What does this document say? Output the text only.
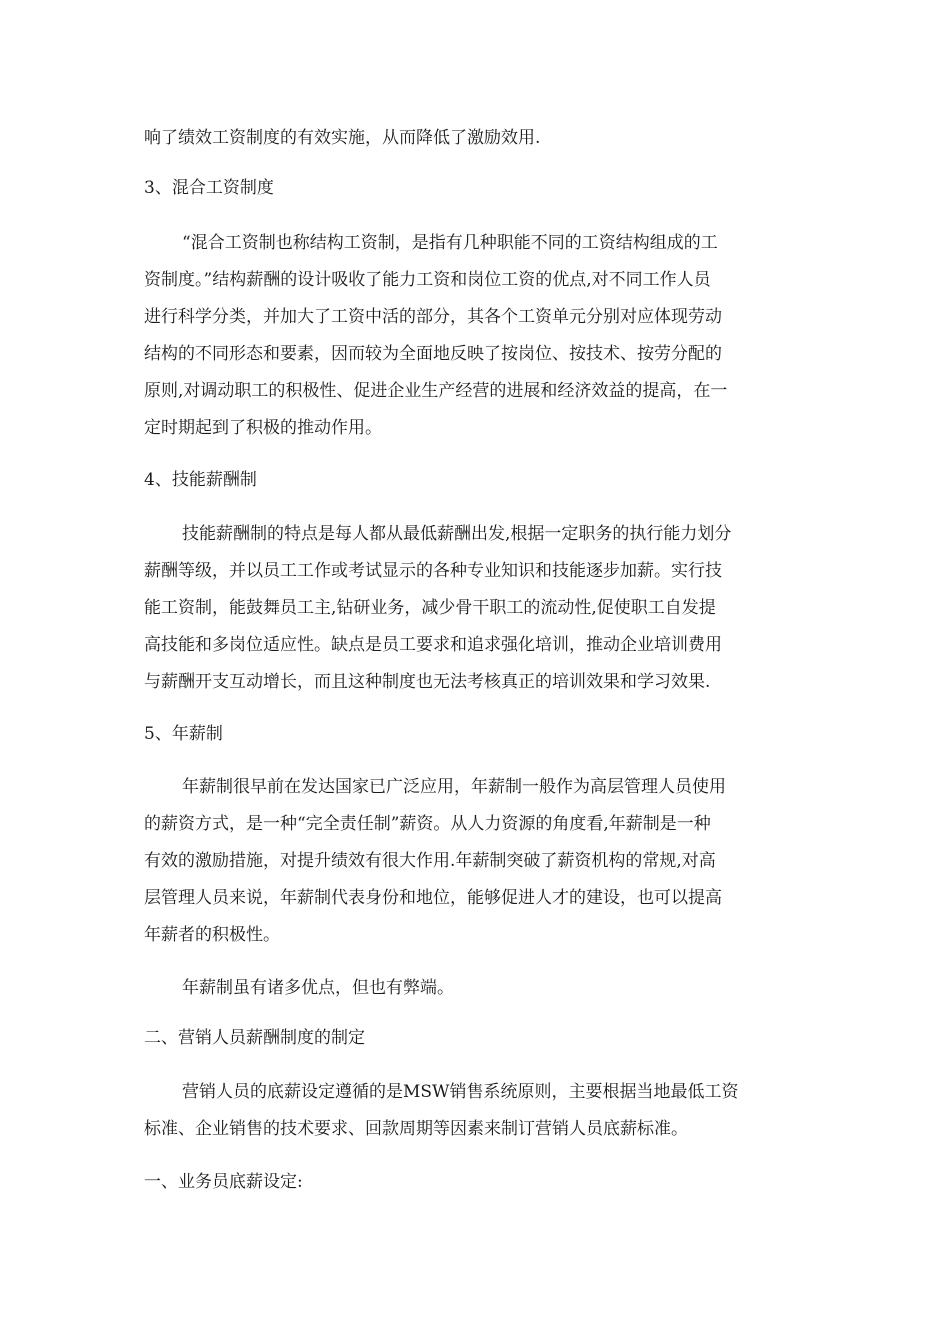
响了绩效工资制度的有效实施，从而降低了激励效用.
3、混合工资制度
“混合工资制也称结构工资制，是指有几种职能不同的工资结构组成的工
资制度。”结构薪酬的设计吸收了能力工资和岗位工资的优点,对不同工作人员
进行科学分类，并加大了工资中活的部分，其各个工资单元分别对应体现劳动
结构的不同形态和要素，因而较为全面地反映了按岗位、按技术、按劳分配的
原则,对调动职工的积极性、促进企业生产经营的进展和经济效益的提高，在一
定时期起到了积极的推动作用。
4、技能薪酬制
技能薪酬制的特点是每人都从最低薪酬出发,根据一定职务的执行能力划分
薪酬等级，并以员工工作或考试显示的各种专业知识和技能逐步加薪。实行技
能工资制，能鼓舞员工主,钻研业务，减少骨干职工的流动性,促使职工自发提
高技能和多岗位适应性。缺点是员工要求和追求强化培训，推动企业培训费用
与薪酬开支互动增长，而且这种制度也无法考核真正的培训效果和学习效果.
5、年薪制
年薪制很早前在发达国家已广泛应用，年薪制一般作为高层管理人员使用
的薪资方式，是一种“完全责任制”薪资。从人力资源的角度看,年薪制是一种
有效的激励措施，对提升绩效有很大作用.年薪制突破了薪资机构的常规,对高
层管理人员来说，年薪制代表身份和地位，能够促进人才的建设，也可以提高
年薪者的积极性。
年薪制虽有诸多优点，但也有弊端。
二、营销人员薪酬制度的制定
营销人员的底薪设定遵循的是MSW销售系统原则，主要根据当地最低工资
标准、企业销售的技术要求、回款周期等因素来制订营销人员底薪标准。
一、业务员底薪设定:
